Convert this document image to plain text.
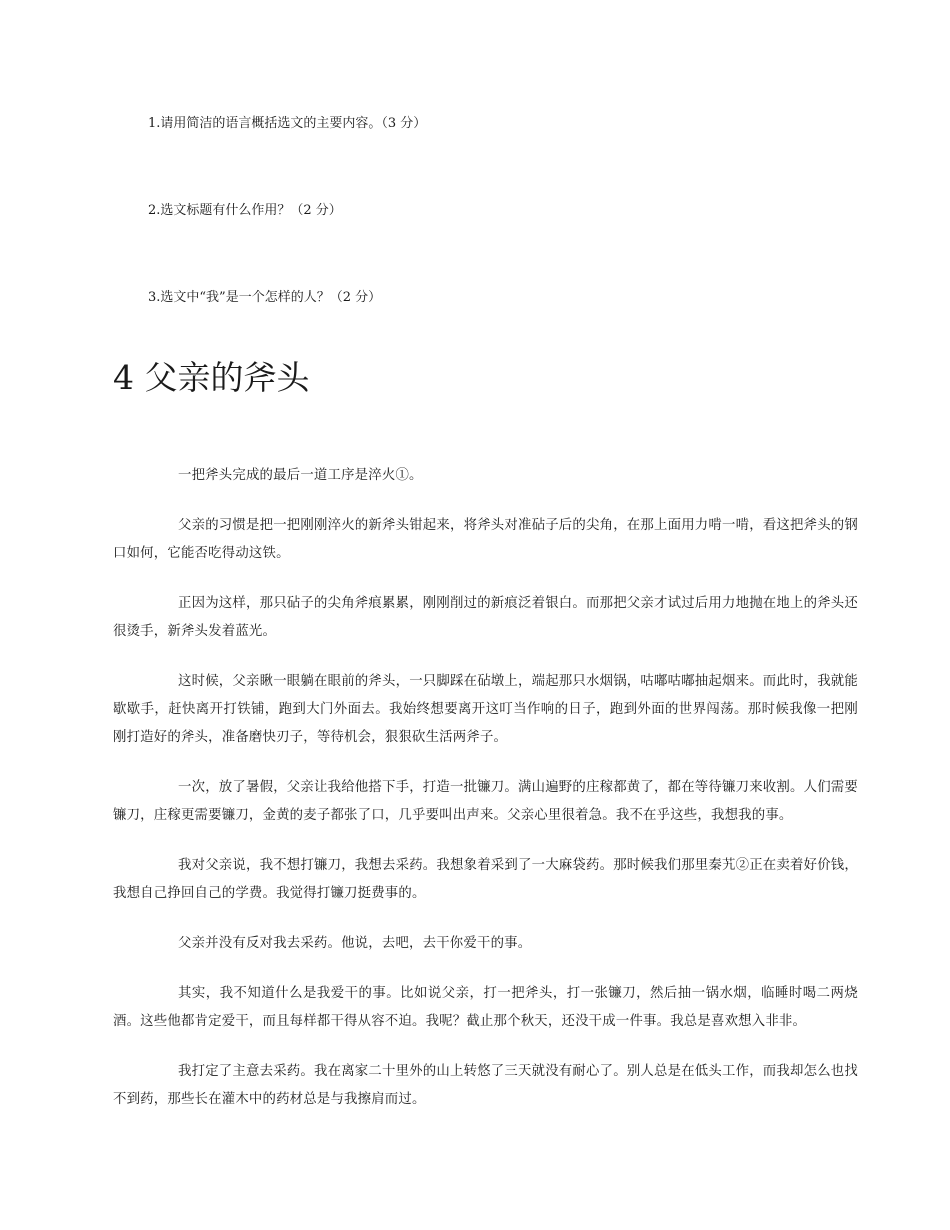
1.请用简洁的语言概括选文的主要内容。（3 分）
2.选文标题有什么作用？（2 分）
3.选文中“我”是一个怎样的人？（2 分）
4 父亲的斧头

一把斧头完成的最后一道工序是淬火①。

父亲的习惯是把一把刚刚淬火的新斧头钳起来，将斧头对准砧子后的尖角，在那上面用力啃一啃，看这把斧头的钢口如何，它能否吃得动这铁。

正因为这样，那只砧子的尖角斧痕累累，刚刚削过的新痕泛着银白。而那把父亲才试过后用力地抛在地上的斧头还很烫手，新斧头发着蓝光。

这时候，父亲瞅一眼躺在眼前的斧头，一只脚踩在砧墩上，端起那只水烟锅，咕嘟咕嘟抽起烟来。而此时，我就能歇歇手，赶快离开打铁铺，跑到大门外面去。我始终想要离开这叮当作响的日子，跑到外面的世界闯荡。那时候我像一把刚刚打造好的斧头，准备磨快刃子，等待机会，狠狠砍生活两斧子。

一次，放了暑假，父亲让我给他搭下手，打造一批镰刀。满山遍野的庄稼都黄了，都在等待镰刀来收割。人们需要镰刀，庄稼更需要镰刀，金黄的麦子都张了口，几乎要叫出声来。父亲心里很着急。我不在乎这些，我想我的事。

我对父亲说，我不想打镰刀，我想去采药。我想象着采到了一大麻袋药。那时候我们那里秦艽②正在卖着好价钱，我想自己挣回自己的学费。我觉得打镰刀挺费事的。

父亲并没有反对我去采药。他说，去吧，去干你爱干的事。

其实，我不知道什么是我爱干的事。比如说父亲，打一把斧头，打一张镰刀，然后抽一锅水烟，临睡时喝二两烧酒。这些他都肯定爱干，而且每样都干得从容不迫。我呢？截止那个秋天，还没干成一件事。我总是喜欢想入非非。

我打定了主意去采药。我在离家二十里外的山上转悠了三天就没有耐心了。别人总是在低头工作，而我却怎么也找不到药，那些长在灌木中的药材总是与我擦肩而过。
